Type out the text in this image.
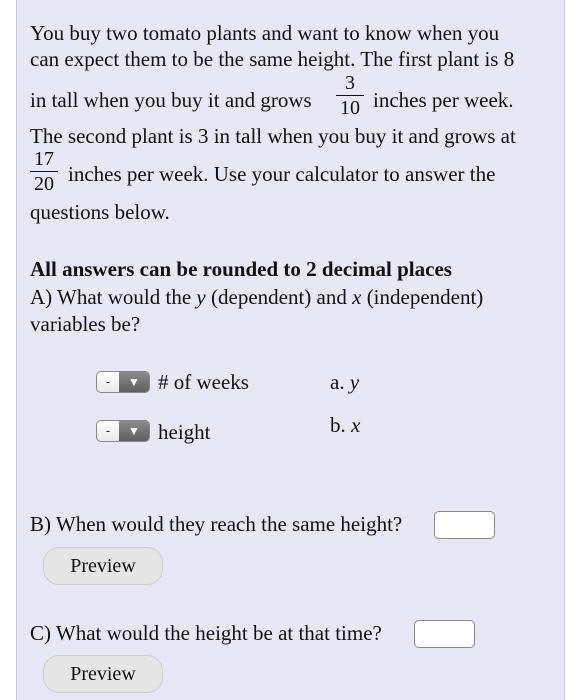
You buy two tomato plants and want to know when you
can expect them to be the same height. The first plant is 8
in tall when you buy it and grows
3
10 inches per week.
The second plant is 3 in tall when you buy it and grows at
17
20 inches per week. Use your calculator to answer the
questions below.
All answers can be rounded to 2 decimal places
A) What would the y (dependent) and x (independent)
variables be?
-	▼ # of weeks	a. y
-	▼ height	b. x
B) When would they reach the same height?
Preview
C) What would the height be at that time?
Preview
